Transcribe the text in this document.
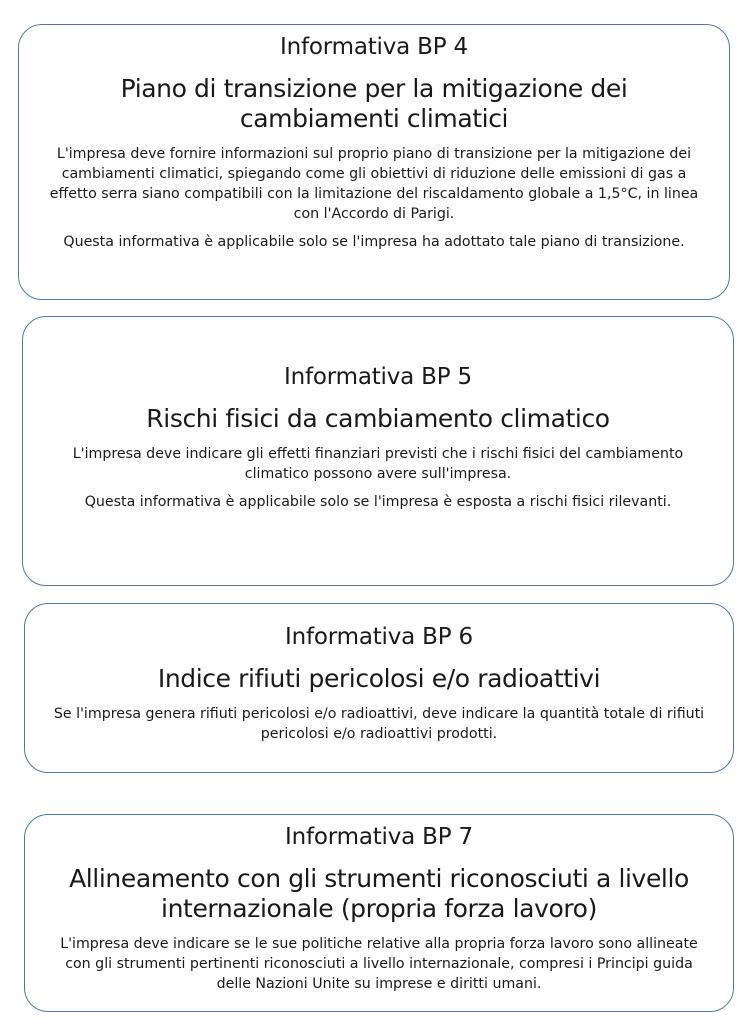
Informativa BP 4
Piano di transizione per la mitigazione dei cambiamenti climatici

L'impresa deve fornire informazioni sul proprio piano di transizione per la mitigazione dei cambiamenti climatici, spiegando come gli obiettivi di riduzione delle emissioni di gas a effetto serra siano compatibili con la limitazione del riscaldamento globale a 1,5°C, in linea con l'Accordo di Parigi.

Questa informativa è applicabile solo se l'impresa ha adottato tale piano di transizione.

Informativa BP 5
Rischi fisici da cambiamento climatico

L'impresa deve indicare gli effetti finanziari previsti che i rischi fisici del cambiamento climatico possono avere sull'impresa.

Questa informativa è applicabile solo se l'impresa è esposta a rischi fisici rilevanti.

Informativa BP 6
Indice rifiuti pericolosi e/o radioattivi

Se l'impresa genera rifiuti pericolosi e/o radioattivi, deve indicare la quantità totale di rifiuti pericolosi e/o radioattivi prodotti.

Informativa BP 7
Allineamento con gli strumenti riconosciuti a livello internazionale (propria forza lavoro)

L'impresa deve indicare se le sue politiche relative alla propria forza lavoro sono allineate con gli strumenti pertinenti riconosciuti a livello internazionale, compresi i Principi guida delle Nazioni Unite su imprese e diritti umani.
